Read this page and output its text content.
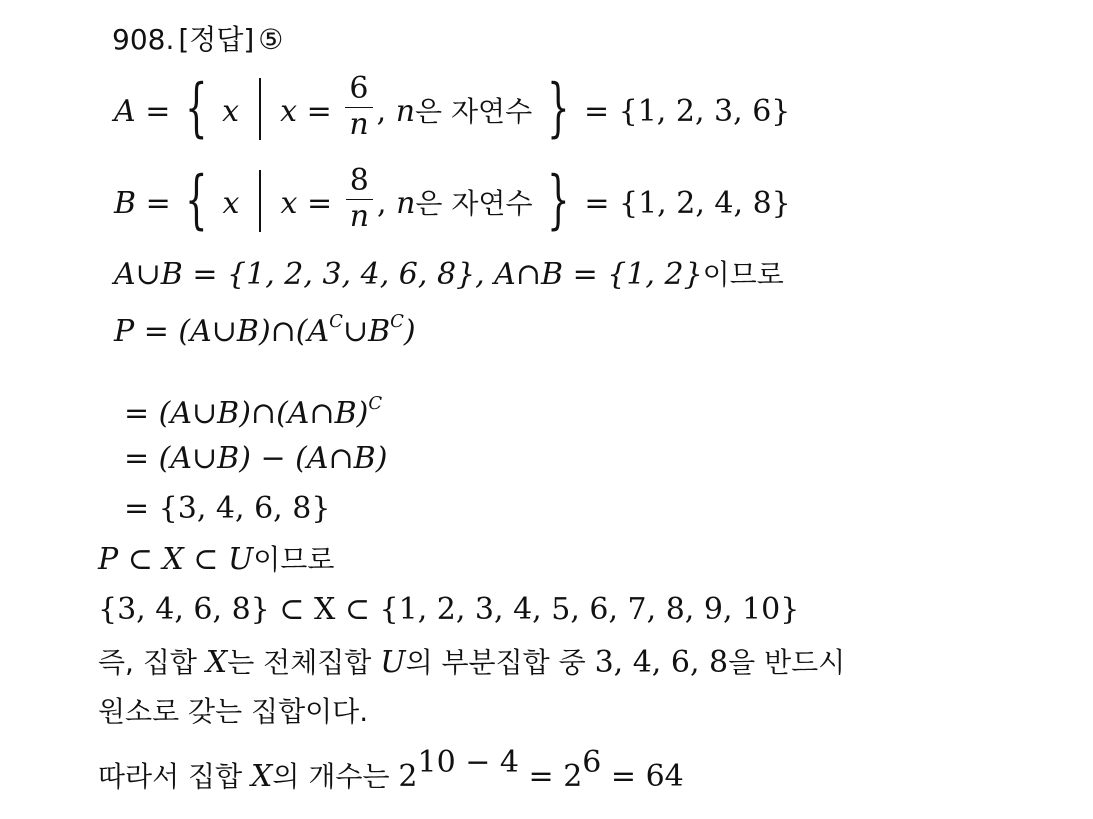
908. [정답] ⑤
A = { x $x = \frac{6}{n}$ , n은 자연수 } = {1, 2, 3, 6}
B = { x $x = \frac{8}{n}$ , n은 자연수 } = {1, 2, 4, 8}
A∪B = {1, 2, 3, 4, 6, 8}, A∩B = {1, 2}이므로
$P = (A\cup B)\cap(A^C\cup B^C)$
= (A∪B)∩(A∩B)$^C$
= (A∪B) − (A∩B)
= {3, 4, 6, 8}
P ⊂ X ⊂ U이므로
{3, 4, 6, 8} ⊂ X ⊂ {1, 2, 3, 4, 5, 6, 7, 8, 9, 10}
즉, 집합 X는 전체집합 U의 부분집합 중 3, 4, 6, 8을 반드시
원소로 갖는 집합이다.
따라서 집합 X의 개수는 $2^{10 - 4} = 2^6 = 64$
